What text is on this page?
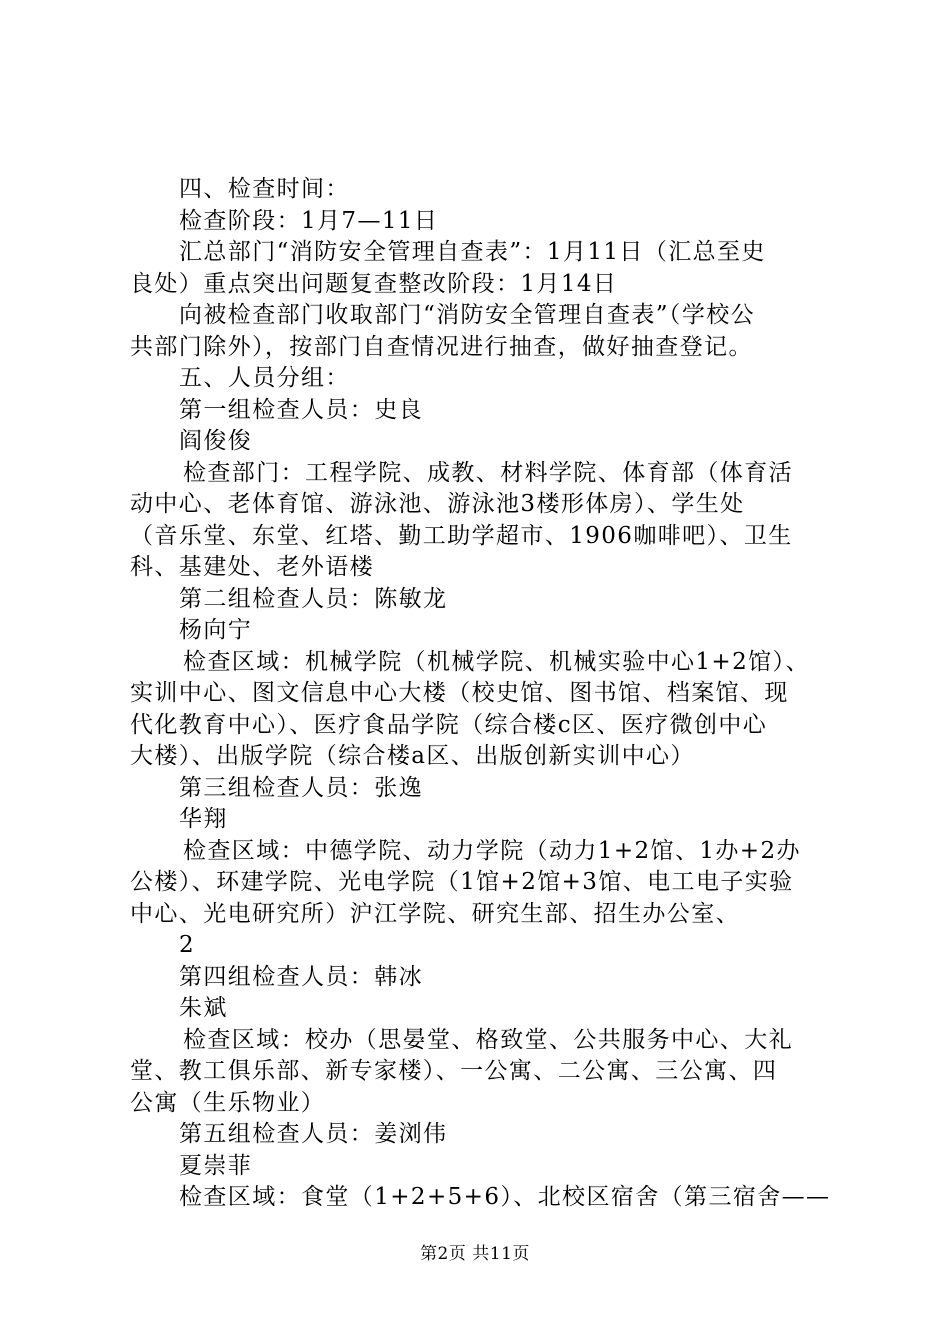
四、检查时间：

检查阶段：1月7—11日

汇总部门“消防安全管理自查表”：1月11日（汇总至史

良处）重点突出问题复查整改阶段：1月14日

向被检查部门收取部门“消防安全管理自查表”（学校公

共部门除外），按部门自查情况进行抽查，做好抽查登记。

五、人员分组：

第一组检查人员：史良

阎俊俊

检查部门：工程学院、成教、材料学院、体育部（体育活

动中心、老体育馆、游泳池、游泳池3楼形体房）、学生处

（音乐堂、东堂、红塔、勤工助学超市、1906咖啡吧）、卫生

科、基建处、老外语楼

第二组检查人员：陈敏龙

杨向宁

检查区域：机械学院（机械学院、机械实验中心1+2馆）、

实训中心、图文信息中心大楼（校史馆、图书馆、档案馆、现

代化教育中心）、医疗食品学院（综合楼c区、医疗微创中心

大楼）、出版学院（综合楼a区、出版创新实训中心）

第三组检查人员：张逸

华翔

检查区域：中德学院、动力学院（动力1+2馆、1办+2办

公楼）、环建学院、光电学院（1馆+2馆+3馆、电工电子实验

中心、光电研究所）沪江学院、研究生部、招生办公室、

2

第四组检查人员：韩冰

朱斌

检查区域：校办（思晏堂、格致堂、公共服务中心、大礼

堂、教工俱乐部、新专家楼）、一公寓、二公寓、三公寓、四

公寓（生乐物业）

第五组检查人员：姜浏伟

夏崇菲

检查区域：食堂（1+2+5+6）、北校区宿舍（第三宿舍——

第2页 共11页
